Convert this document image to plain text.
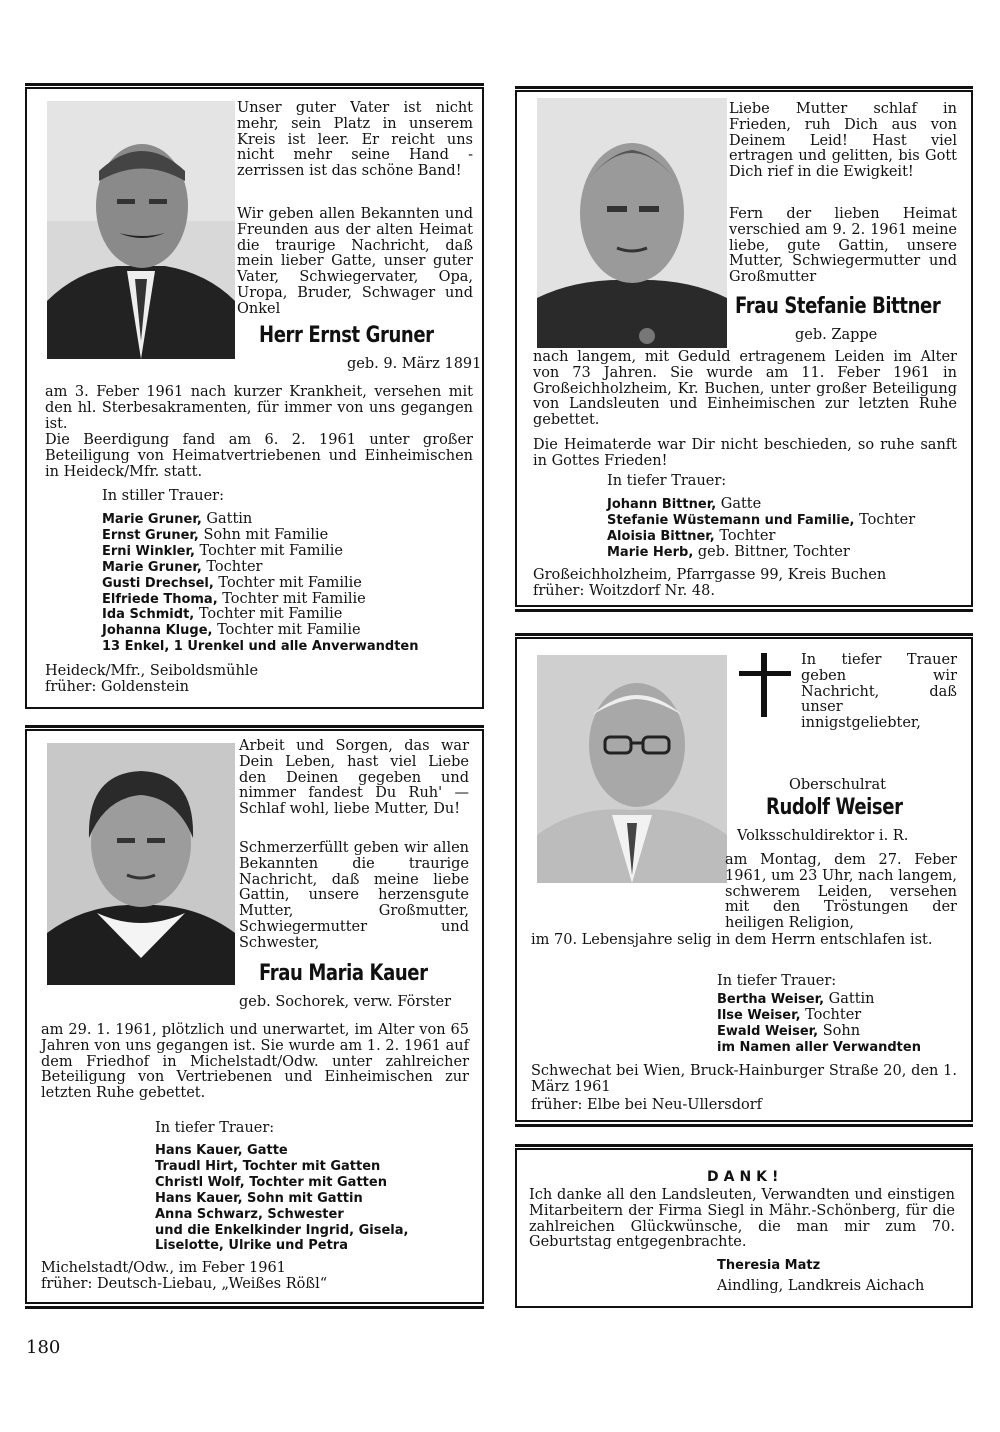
Unser guter Vater ist nicht mehr, sein Platz in unserem Kreis ist leer. Er reicht uns nicht mehr seine Hand - zerrissen ist das schöne Band!
Wir geben allen Bekannten und Freunden aus der alten Heimat die traurige Nachricht, daß mein lieber Gatte, unser guter Vater, Schwiegervater, Opa, Uropa, Bruder, Schwager und Onkel
Herr Ernst Gruner
geb. 9. März 1891
am 3. Feber 1961 nach kurzer Krankheit, versehen mit den hl. Sterbesakramenten, für immer von uns gegangen ist.
Die Beerdigung fand am 6. 2. 1961 unter großer Beteiligung von Heimatvertriebenen und Einheimischen in Heideck/Mfr. statt.
In stiller Trauer:
Marie Gruner, Gattin
Ernst Gruner, Sohn mit Familie
Erni Winkler, Tochter mit Familie
Marie Gruner, Tochter
Gusti Drechsel, Tochter mit Familie
Elfriede Thoma, Tochter mit Familie
Ida Schmidt, Tochter mit Familie
Johanna Kluge, Tochter mit Familie
13 Enkel, 1 Urenkel und alle Anverwandten
Heideck/Mfr., Seiboldsmühle
früher: Goldenstein
Liebe Mutter schlaf in Frieden, ruh Dich aus von Deinem Leid! Hast viel ertragen und gelitten, bis Gott Dich rief in die Ewigkeit!
Fern der lieben Heimat verschied am 9. 2. 1961 meine liebe, gute Gattin, unsere Mutter, Schwiegermutter und Großmutter
Frau Stefanie Bittner
geb. Zappe
nach langem, mit Geduld ertragenem Leiden im Alter von 73 Jahren. Sie wurde am 11. Feber 1961 in Großeichholzheim, Kr. Buchen, unter großer Beteiligung von Landsleuten und Einheimischen zur letzten Ruhe gebettet.
Die Heimaterde war Dir nicht beschieden, so ruhe sanft in Gottes Frieden!
In tiefer Trauer:
Johann Bittner, Gatte
Stefanie Wüstemann und Familie, Tochter
Aloisia Bittner, Tochter
Marie Herb, geb. Bittner, Tochter
Großeichholzheim, Pfarrgasse 99, Kreis Buchen
früher: Woitzdorf Nr. 48.
In tiefer Trauer geben wir Nachricht, daß unser innigstgeliebter,
Oberschulrat
Rudolf Weiser
Volksschuldirektor i. R.
am Montag, dem 27. Feber 1961, um 23 Uhr, nach langem, schwerem Leiden, versehen mit den Tröstungen der heiligen Religion,
im 70. Lebensjahre selig in dem Herrn entschlafen ist.
In tiefer Trauer:
Bertha Weiser, Gattin
Ilse Weiser, Tochter
Ewald Weiser, Sohn
im Namen aller Verwandten
Schwechat bei Wien, Bruck-Hainburger Straße 20, den 1. März 1961
früher: Elbe bei Neu-Ullersdorf
Arbeit und Sorgen, das war Dein Leben, hast viel Liebe den Deinen gegeben und nimmer fandest Du Ruh' — Schlaf wohl, liebe Mutter, Du!
Schmerzerfüllt geben wir allen Bekannten die traurige Nachricht, daß meine liebe Gattin, unsere herzensgute Mutter, Großmutter, Schwiegermutter und Schwester,
Frau Maria Kauer
geb. Sochorek, verw. Förster
am 29. 1. 1961, plötzlich und unerwartet, im Alter von 65 Jahren von uns gegangen ist. Sie wurde am 1. 2. 1961 auf dem Friedhof in Michelstadt/Odw. unter zahlreicher Beteiligung von Vertriebenen und Einheimischen zur letzten Ruhe gebettet.
In tiefer Trauer:
Hans Kauer, Gatte
Traudl Hirt, Tochter mit Gatten
Christl Wolf, Tochter mit Gatten
Hans Kauer, Sohn mit Gattin
Anna Schwarz, Schwester
und die Enkelkinder Ingrid, Gisela,
Liselotte, Ulrike und Petra
Michelstadt/Odw., im Feber 1961
früher: Deutsch-Liebau, „Weißes Rößl“
DANK!
Ich danke all den Landsleuten, Verwandten und einstigen Mitarbeitern der Firma Siegl in Mähr.-Schönberg, für die zahlreichen Glückwünsche, die man mir zum 70. Geburtstag entgegenbrachte.
Theresia Matz
Aindling, Landkreis Aichach
180
